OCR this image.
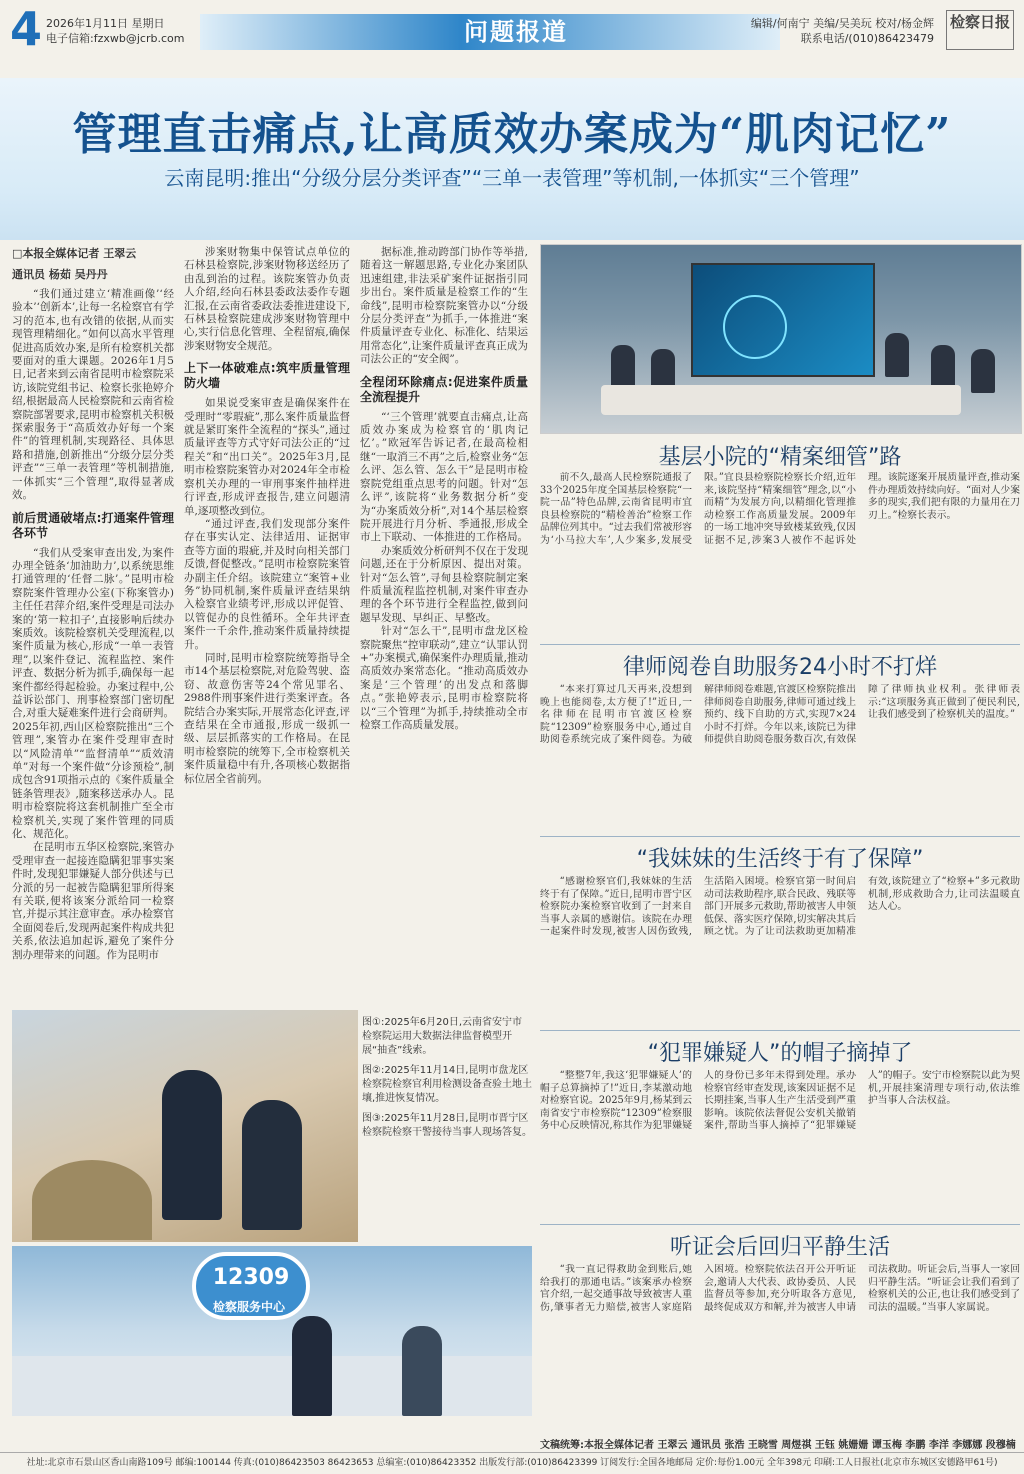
4 2026年1月11日 星期日
电子信箱:fzxwb@jcrb.com	问题报道	编辑/何南宁 美编/吴美玩 校对/杨金辉
联系电话/(010)86423479
检察日报
管理直击痛点,让高质效办案成为“肌肉记忆”
云南昆明:推出“分级分层分类评查”“三单一表管理”等机制,一体抓实“三个管理”
□本报全媒体记者 王翠云
通讯员 杨茹 吴丹丹

“我们通过建立‘精准画像’‘经验本’‘创新本’,让每一名检察官有学习的范本,也有改错的依据,从而实现管理精细化。”如何以高水平管理促进高质效办案,是所有检察机关都要面对的重大课题。2026年1月5日,记者来到云南省昆明市检察院采访,该院党组书记、检察长张艳婷介绍,根据最高人民检察院和云南省检察院部署要求,昆明市检察机关积极探索服务于“高质效办好每一个案件”的管理机制,实现路径、具体思路和措施,创新推出“分级分层分类评查”“三单一表管理”等机制措施,一体抓实“三个管理”,取得显著成效。

前后贯通破堵点:打通案件管理各环节

“我们从受案审查出发,为案件办理全链条‘加油助力’,以系统思维打通管理的‘任督二脉’。”昆明市检察院案件管理办公室(下称案管办)主任任君萍介绍,案件受理是司法办案的‘第一粒扣子’,直接影响后续办案质效。该院检察机关受理流程,以案件质量为核心,形成“一单一表管理”,以案件登记、流程监控、案件评查、数据分析为抓手,确保每一起案件都经得起检验。办案过程中,公益诉讼部门、刑事检察部门密切配合,对重大疑难案件进行会商研判。2025年初,西山区检察院推出“三个管理”,案管办在案件受理审查时以“风险清单”“监督清单”“质效清单”对每一个案件做“分诊预检”,制成包含91项指示点的《案件质量全链条管理表》,随案移送承办人。昆明市检察院将这套机制推广至全市检察机关,实现了案件管理的同质化、规范化。

在昆明市五华区检察院,案管办受理审查一起接连隐瞒犯罪事实案件时,发现犯罪嫌疑人部分供述与已分派的另一起被告隐瞒犯罪所得案有关联,便将该案分派给同一检察官,并提示其注意审查。承办检察官全面阅卷后,发现两起案件构成共犯关系,依法追加起诉,避免了案件分割办理带来的问题。作为昆明市

涉案财物集中保管试点单位的石林县检察院,涉案财物移送经历了由乱到治的过程。该院案管办负责人介绍,经向石林县委政法委作专题汇报,在云南省委政法委推进建设下,石林县检察院建成涉案财物管理中心,实行信息化管理、全程留痕,确保涉案财物安全规范。

上下一体破难点:筑牢质量管理防火墙

如果说受案审查是确保案件在受理时“零瑕疵”,那么案件质量监督就是紧盯案件全流程的“探头”,通过质量评查等方式守好司法公正的“过程关”和“出口关”。2025年3月,昆明市检察院案管办对2024年全市检察机关办理的一审刑事案件抽样进行评查,形成评查报告,建立问题清单,逐项整改到位。

“通过评查,我们发现部分案件存在事实认定、法律适用、证据审查等方面的瑕疵,并及时向相关部门反馈,督促整改。”昆明市检察院案管办副主任介绍。该院建立“案管+业务”协同机制,案件质量评查结果纳入检察官业绩考评,形成以评促管、以管促办的良性循环。全年共评查案件一千余件,推动案件质量持续提升。

同时,昆明市检察院统筹指导全市14个基层检察院,对危险驾驶、盗窃、故意伤害等24个常见罪名、2988件刑事案件进行类案评查。各院结合办案实际,开展常态化评查,评查结果在全市通报,形成一级抓一级、层层抓落实的工作格局。在昆明市检察院的统筹下,全市检察机关案件质量稳中有升,各项核心数据指标位居全省前列。

据标准,推动跨部门协作等举措,随着这一解题思路,专业化办案团队迅速组建,非法采矿案件证据指引同步出台。案件质量是检察工作的“生命线”,昆明市检察院案管办以“分级分层分类评查”为抓手,一体推进“案件质量评查专业化、标准化、结果运用常态化”,让案件质量评查真正成为司法公正的“安全阀”。

全程闭环除痛点:促进案件质量全流程提升

“‘三个管理’就要直击痛点,让高质效办案成为检察官的‘肌肉记忆’。”欧冠军告诉记者,在最高检相继“一取消三不再”之后,检察业务“怎么评、怎么管、怎么干”是昆明市检察院党组重点思考的问题。针对“怎么评”,该院将“业务数据分析”变为“办案质效分析”,对14个基层检察院开展进行月分析、季通报,形成全市上下联动、一体推进的工作格局。

办案质效分析研判不仅在于发现问题,还在于分析原因、提出对策。针对“怎么管”,寻甸县检察院制定案件质量流程监控机制,对案件审查办理的各个环节进行全程监控,做到问题早发现、早纠正、早整改。

针对“怎么干”,昆明市盘龙区检察院聚焦“控审联动”,建立“认罪认罚+”办案模式,确保案件办理质量,推动高质效办案常态化。“推动高质效办案是‘三个管理’的出发点和落脚点。”张艳婷表示,昆明市检察院将以“三个管理”为抓手,持续推动全市检察工作高质量发展。

基层小院的“精案细管”路

前不久,最高人民检察院通报了33个2025年度全国基层检察院“一院一品”特色品牌,云南省昆明市宜良县检察院的“精检善治”检察工作品牌位列其中。“过去我们常被形容为‘小马拉大车’,人少案多,发展受限。”宜良县检察院检察长介绍,近年来,该院坚持“精案细管”理念,以“小而精”为发展方向,以精细化管理推动检察工作高质量发展。2009年的一场工地冲突导致楼某致残,仅因证据不足,涉案3人被作不起诉处理。该院逐案开展质量评查,推动案件办理质效持续向好。“面对人少案多的现实,我们把有限的力量用在刀刃上。”检察长表示。

律师阅卷自助服务24小时不打烊

“本来打算过几天再来,没想到晚上也能阅卷,太方便了!”近日,一名律师在昆明市官渡区检察院“12309”检察服务中心,通过自助阅卷系统完成了案件阅卷。为破解律师阅卷难题,官渡区检察院推出律师阅卷自助服务,律师可通过线上预约、线下自助的方式,实现7×24小时不打烊。今年以来,该院已为律师提供自助阅卷服务数百次,有效保障了律师执业权利。张律师表示:“这项服务真正做到了便民利民,让我们感受到了检察机关的温度。”

“我妹妹的生活终于有了保障”

“感谢检察官们,我妹妹的生活终于有了保障。”近日,昆明市晋宁区检察院办案检察官收到了一封来自当事人亲属的感谢信。该院在办理一起案件时发现,被害人因伤致残,生活陷入困境。检察官第一时间启动司法救助程序,联合民政、残联等部门开展多元救助,帮助被害人申领低保、落实医疗保障,切实解决其后顾之忧。为了让司法救助更加精准有效,该院建立了“检察+”多元救助机制,形成救助合力,让司法温暖直达人心。

“犯罪嫌疑人”的帽子摘掉了

“整整7年,我这‘犯罪嫌疑人’的帽子总算摘掉了!”近日,李某激动地对检察官说。2025年9月,杨某到云南省安宁市检察院“12309”检察服务中心反映情况,称其作为犯罪嫌疑人的身份已多年未得到处理。承办检察官经审查发现,该案因证据不足长期挂案,当事人生产生活受到严重影响。该院依法督促公安机关撤销案件,帮助当事人摘掉了“犯罪嫌疑人”的帽子。安宁市检察院以此为契机,开展挂案清理专项行动,依法维护当事人合法权益。

听证会后回归平静生活

“我一直记得救助金到账后,她给我打的那通电话。”该案承办检察官介绍,一起交通事故导致被害人重伤,肇事者无力赔偿,被害人家庭陷入困境。检察院依法召开公开听证会,邀请人大代表、政协委员、人民监督员等参加,充分听取各方意见,最终促成双方和解,并为被害人申请司法救助。听证会后,当事人一家回归平静生活。“听证会让我们看到了检察机关的公正,也让我们感受到了司法的温暖。”当事人家属说。

图①:2025年6月20日,云南省安宁市检察院运用大数据法律监督模型开展“抽查”线索。
图②:2025年11月14日,昆明市盘龙区检察院检察官利用检测设备查验土地土壤,推进恢复情况。
图③:2025年11月28日,昆明市晋宁区检察院检察干警接待当事人现场答复。
12309
检察服务中心
文稿统筹:本报全媒体记者 王翠云 通讯员 张浩 王晓雪 周煜祺 王钰 姚姗姗 谭玉梅 李鹏 李洋 李娜娜 段穆楠
社址:北京市石景山区香山南路109号 邮编:100144 传真:(010)86423503 86423653 总编室:(010)86423352 出版发行部:(010)86423399 订阅发行:全国各地邮局 定价:每份1.00元 全年398元 印刷:工人日报社(北京市东城区安德路甲61号)
